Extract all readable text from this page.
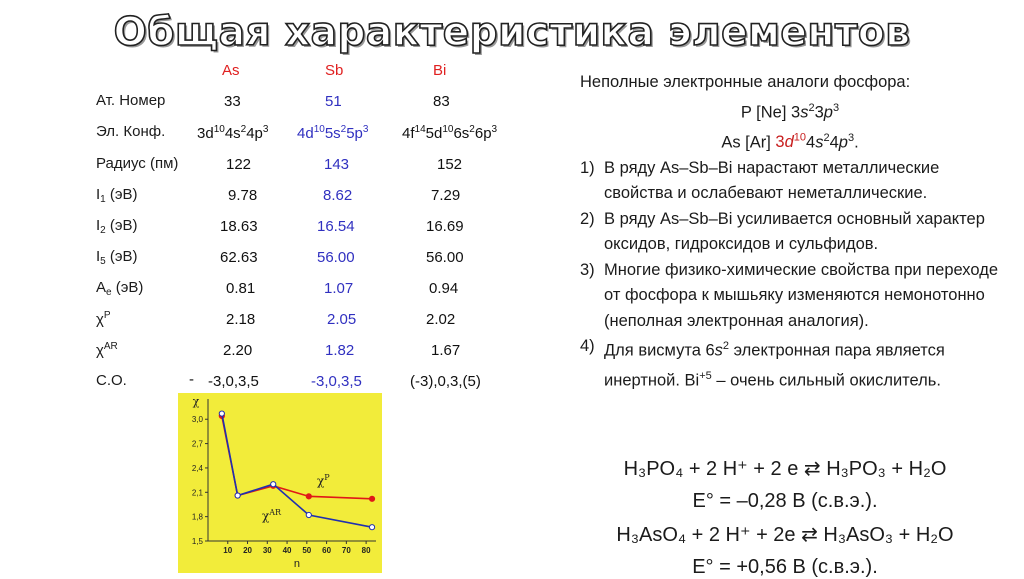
Общая характеристика элементов
As	Sb	Bi
Ат. Номер	33	51	83
Эл. Конф. $3d^{10}4s^24p^3$ $4d^{10}5s^25p^3$ $4f^{14}5d^{10}6s^26p^3$
Радиус (пм)	122	143	152
$I_1$ (эВ)	9.78	8.62	7.29
$I_2$ (эВ)	18.63	16.54	16.69
$I_5$ (эВ)	62.63	56.00	56.00
$A_e$ (эВ)	0.81	1.07	0.94
$\chi^P$	2.18	2.05	2.02
$\chi^{AR}$	2.20	1.82	1.67
С.О.	- -3,0,3,5	-3,0,3,5	(-3),0,3,(5)
3,0
2,7
2,4
2,1
1,8
1,5
10 20 30 40 50 60 70 80
n
χ
$\chi^P$
$\chi^{AR}$
Неполные электронные аналоги фосфора:
P [Ne] $3s^23p^3$
As [Ar] $3d^{10}4s^24p^3$.
1) В ряду As–Sb–Bi нарастают металлические свойства и ослабевают неметаллические.
2) В ряду As–Sb–Bi усиливается основный характер оксидов, гидроксидов и сульфидов.
3) Многие физико-химические свойства при переходе от фосфора к мышьяку изменяются немонотонно (неполная электронная аналогия).
4) Для висмута $6s^2$ электронная пара является инертной. $Bi^{+5}$ – очень сильный окислитель.
H₃PO₄ + 2 H⁺ + 2 e ⇄ H₃PO₃ + H₂O
E° = –0,28 В (с.в.э.).
H₃AsO₄ + 2 H⁺ + 2e ⇄ H₃AsO₃ + H₂O
E° = +0,56 В (с.в.э.).
